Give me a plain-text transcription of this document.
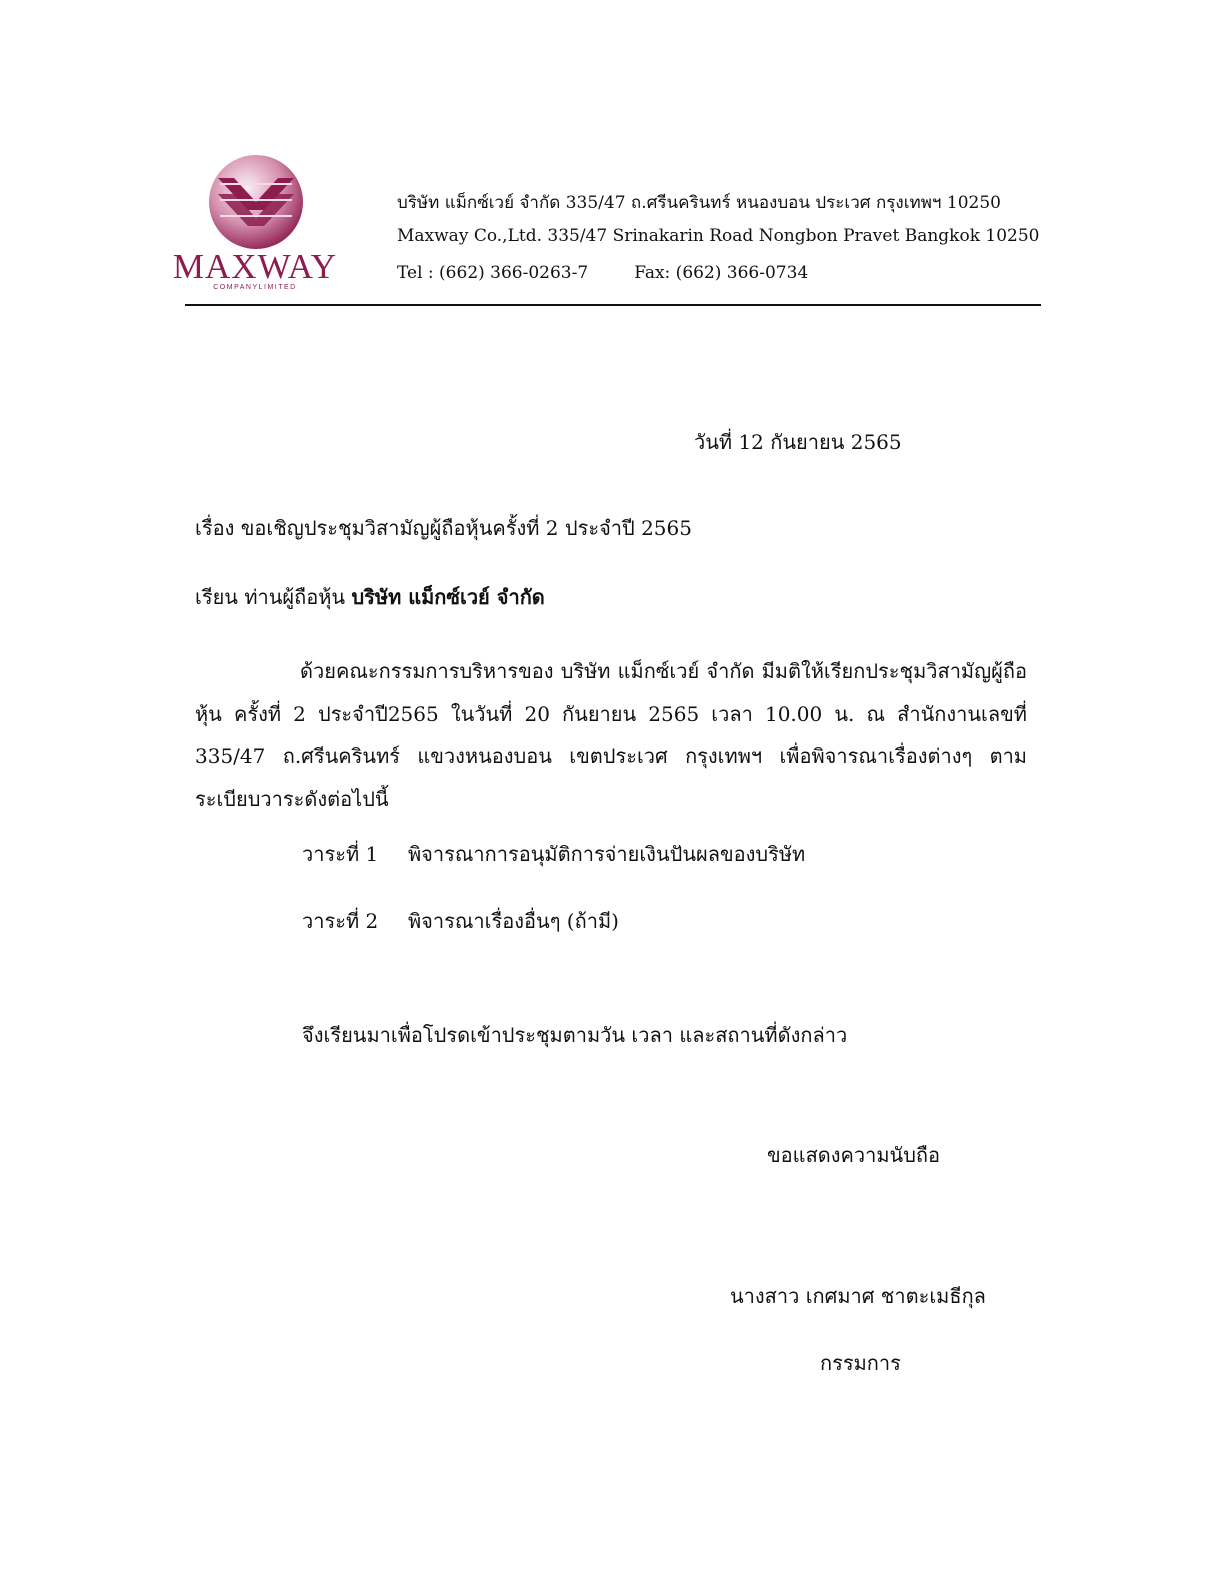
MAXWAY
COMPANYLIMITED
บริษัท แม็กซ์เวย์ จำกัด 335/47 ถ.ศรีนครินทร์ หนองบอน ประเวศ กรุงเทพฯ 10250
Maxway Co.,Ltd. 335/47 Srinakarin Road Nongbon Pravet Bangkok 10250
Tel : (662) 366-0263-7	Fax: (662) 366-0734
วันที่ 12 กันยายน 2565
เรื่อง ขอเชิญประชุมวิสามัญผู้ถือหุ้นครั้งที่ 2 ประจำปี 2565
เรียน ท่านผู้ถือหุ้น บริษัท แม็กซ์เวย์ จำกัด
ด้วยคณะกรรมการบริหารของ บริษัท แม็กซ์เวย์ จำกัด มีมติให้เรียกประชุมวิสามัญผู้ถือหุ้น ครั้งที่ 2 ประจำปี2565 ในวันที่ 20 กันยายน 2565 เวลา 10.00 น. ณ สำนักงานเลขที่ 335/47 ถ.ศรีนครินทร์ แขวงหนองบอน เขตประเวศ กรุงเทพฯ เพื่อพิจารณาเรื่องต่างๆ ตามระเบียบวาระดังต่อไปนี้
วาระที่ 1 พิจารณาการอนุมัติการจ่ายเงินปันผลของบริษัท
วาระที่ 2 พิจารณาเรื่องอื่นๆ (ถ้ามี)
จึงเรียนมาเพื่อโปรดเข้าประชุมตามวัน เวลา และสถานที่ดังกล่าว
ขอแสดงความนับถือ
นางสาว เกศมาศ ชาตะเมธีกุล
กรรมการ
